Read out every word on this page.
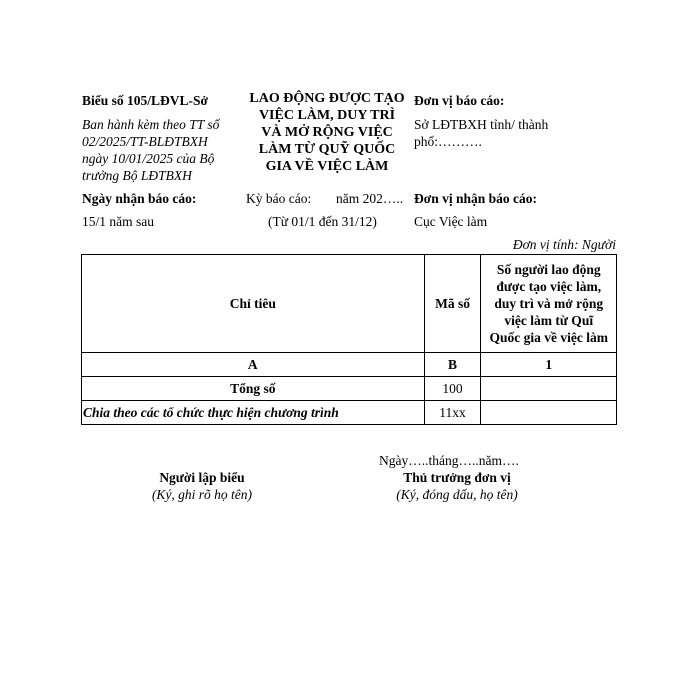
Biểu số 105/LĐVL-Sở
Ban hành kèm theo TT số
02/2025/TT-BLĐTBXH
ngày 10/01/2025 của Bộ
trưởng Bộ LĐTBXH
LAO ĐỘNG ĐƯỢC TẠO
VIỆC LÀM, DUY TRÌ
VÀ MỞ RỘNG VIỆC
LÀM TỪ QUỸ QUỐC
GIA VỀ VIỆC LÀM
Đơn vị báo cáo:
Sở LĐTBXH tỉnh/ thành
phố:……….
Ngày nhận báo cáo:
15/1 năm sau
Kỳ báo cáo: năm 202…..
(Từ 01/1 đến 31/12)
Đơn vị nhận báo cáo:
Cục Việc làm
Đơn vị tính: Người
Chỉ tiêu	Mã số	Số người lao động
được tạo việc làm,
duy trì và mở rộng
việc làm từ Quĩ
Quốc gia về việc làm

A	B	1
Tổng số	100	
Chia theo các tổ chức thực hiện chương trình	11xx	
Ngày…..tháng…..năm….
Người lập biểu
(Ký, ghi rõ họ tên)
Thủ trưởng đơn vị
(Ký, đóng dấu, họ tên)
